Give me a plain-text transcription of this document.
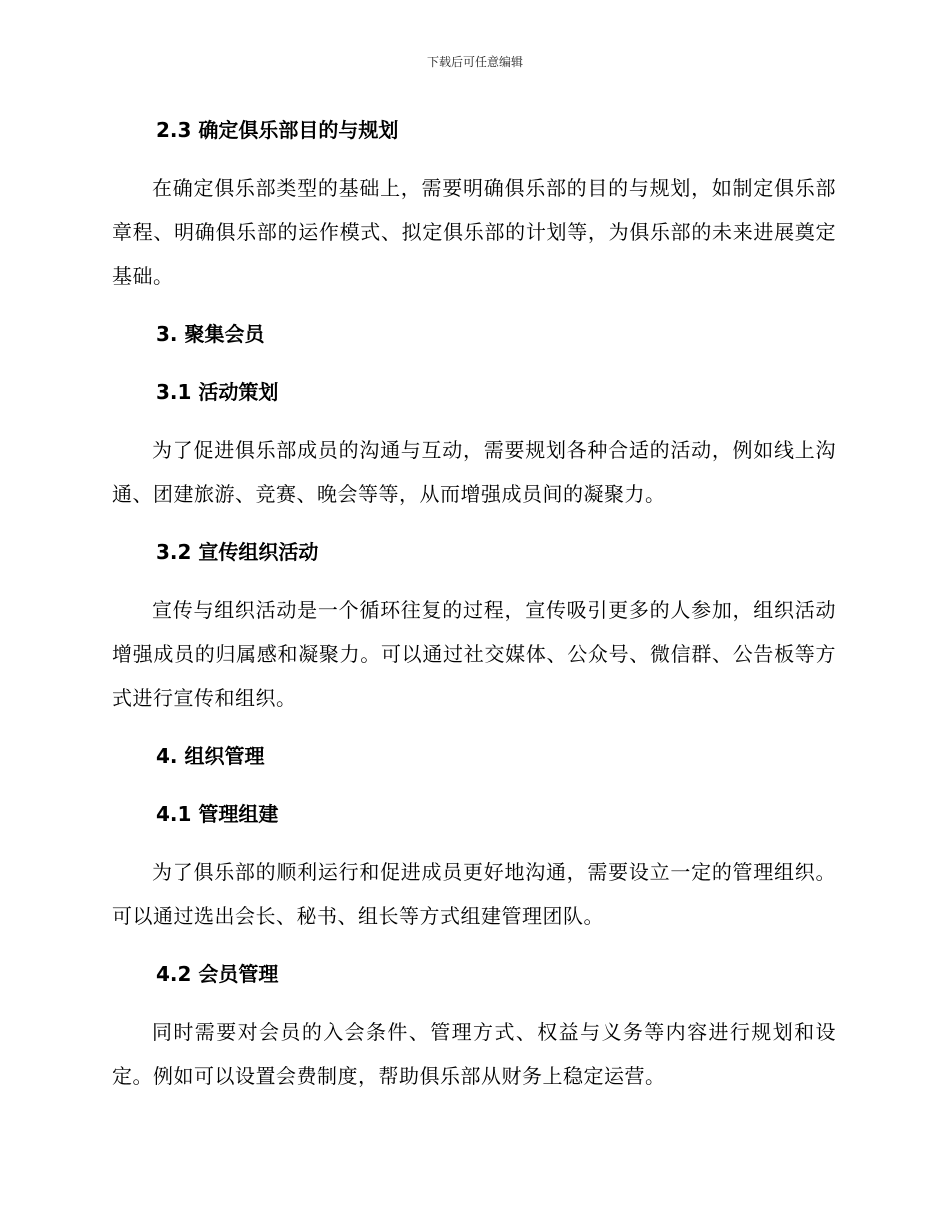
下载后可任意编辑
2.3 确定俱乐部目的与规划

在确定俱乐部类型的基础上，需要明确俱乐部的目的与规划，如制定俱乐部章程、明确俱乐部的运作模式、拟定俱乐部的计划等，为俱乐部的未来进展奠定基础。

3. 聚集会员
3.1 活动策划

为了促进俱乐部成员的沟通与互动，需要规划各种合适的活动，例如线上沟通、团建旅游、竞赛、晚会等等，从而增强成员间的凝聚力。

3.2 宣传组织活动

宣传与组织活动是一个循环往复的过程，宣传吸引更多的人参加，组织活动增强成员的归属感和凝聚力。可以通过社交媒体、公众号、微信群、公告板等方式进行宣传和组织。

4. 组织管理
4.1 管理组建

为了俱乐部的顺利运行和促进成员更好地沟通，需要设立一定的管理组织。可以通过选出会长、秘书、组长等方式组建管理团队。

4.2 会员管理

同时需要对会员的入会条件、管理方式、权益与义务等内容进行规划和设定。例如可以设置会费制度，帮助俱乐部从财务上稳定运营。
